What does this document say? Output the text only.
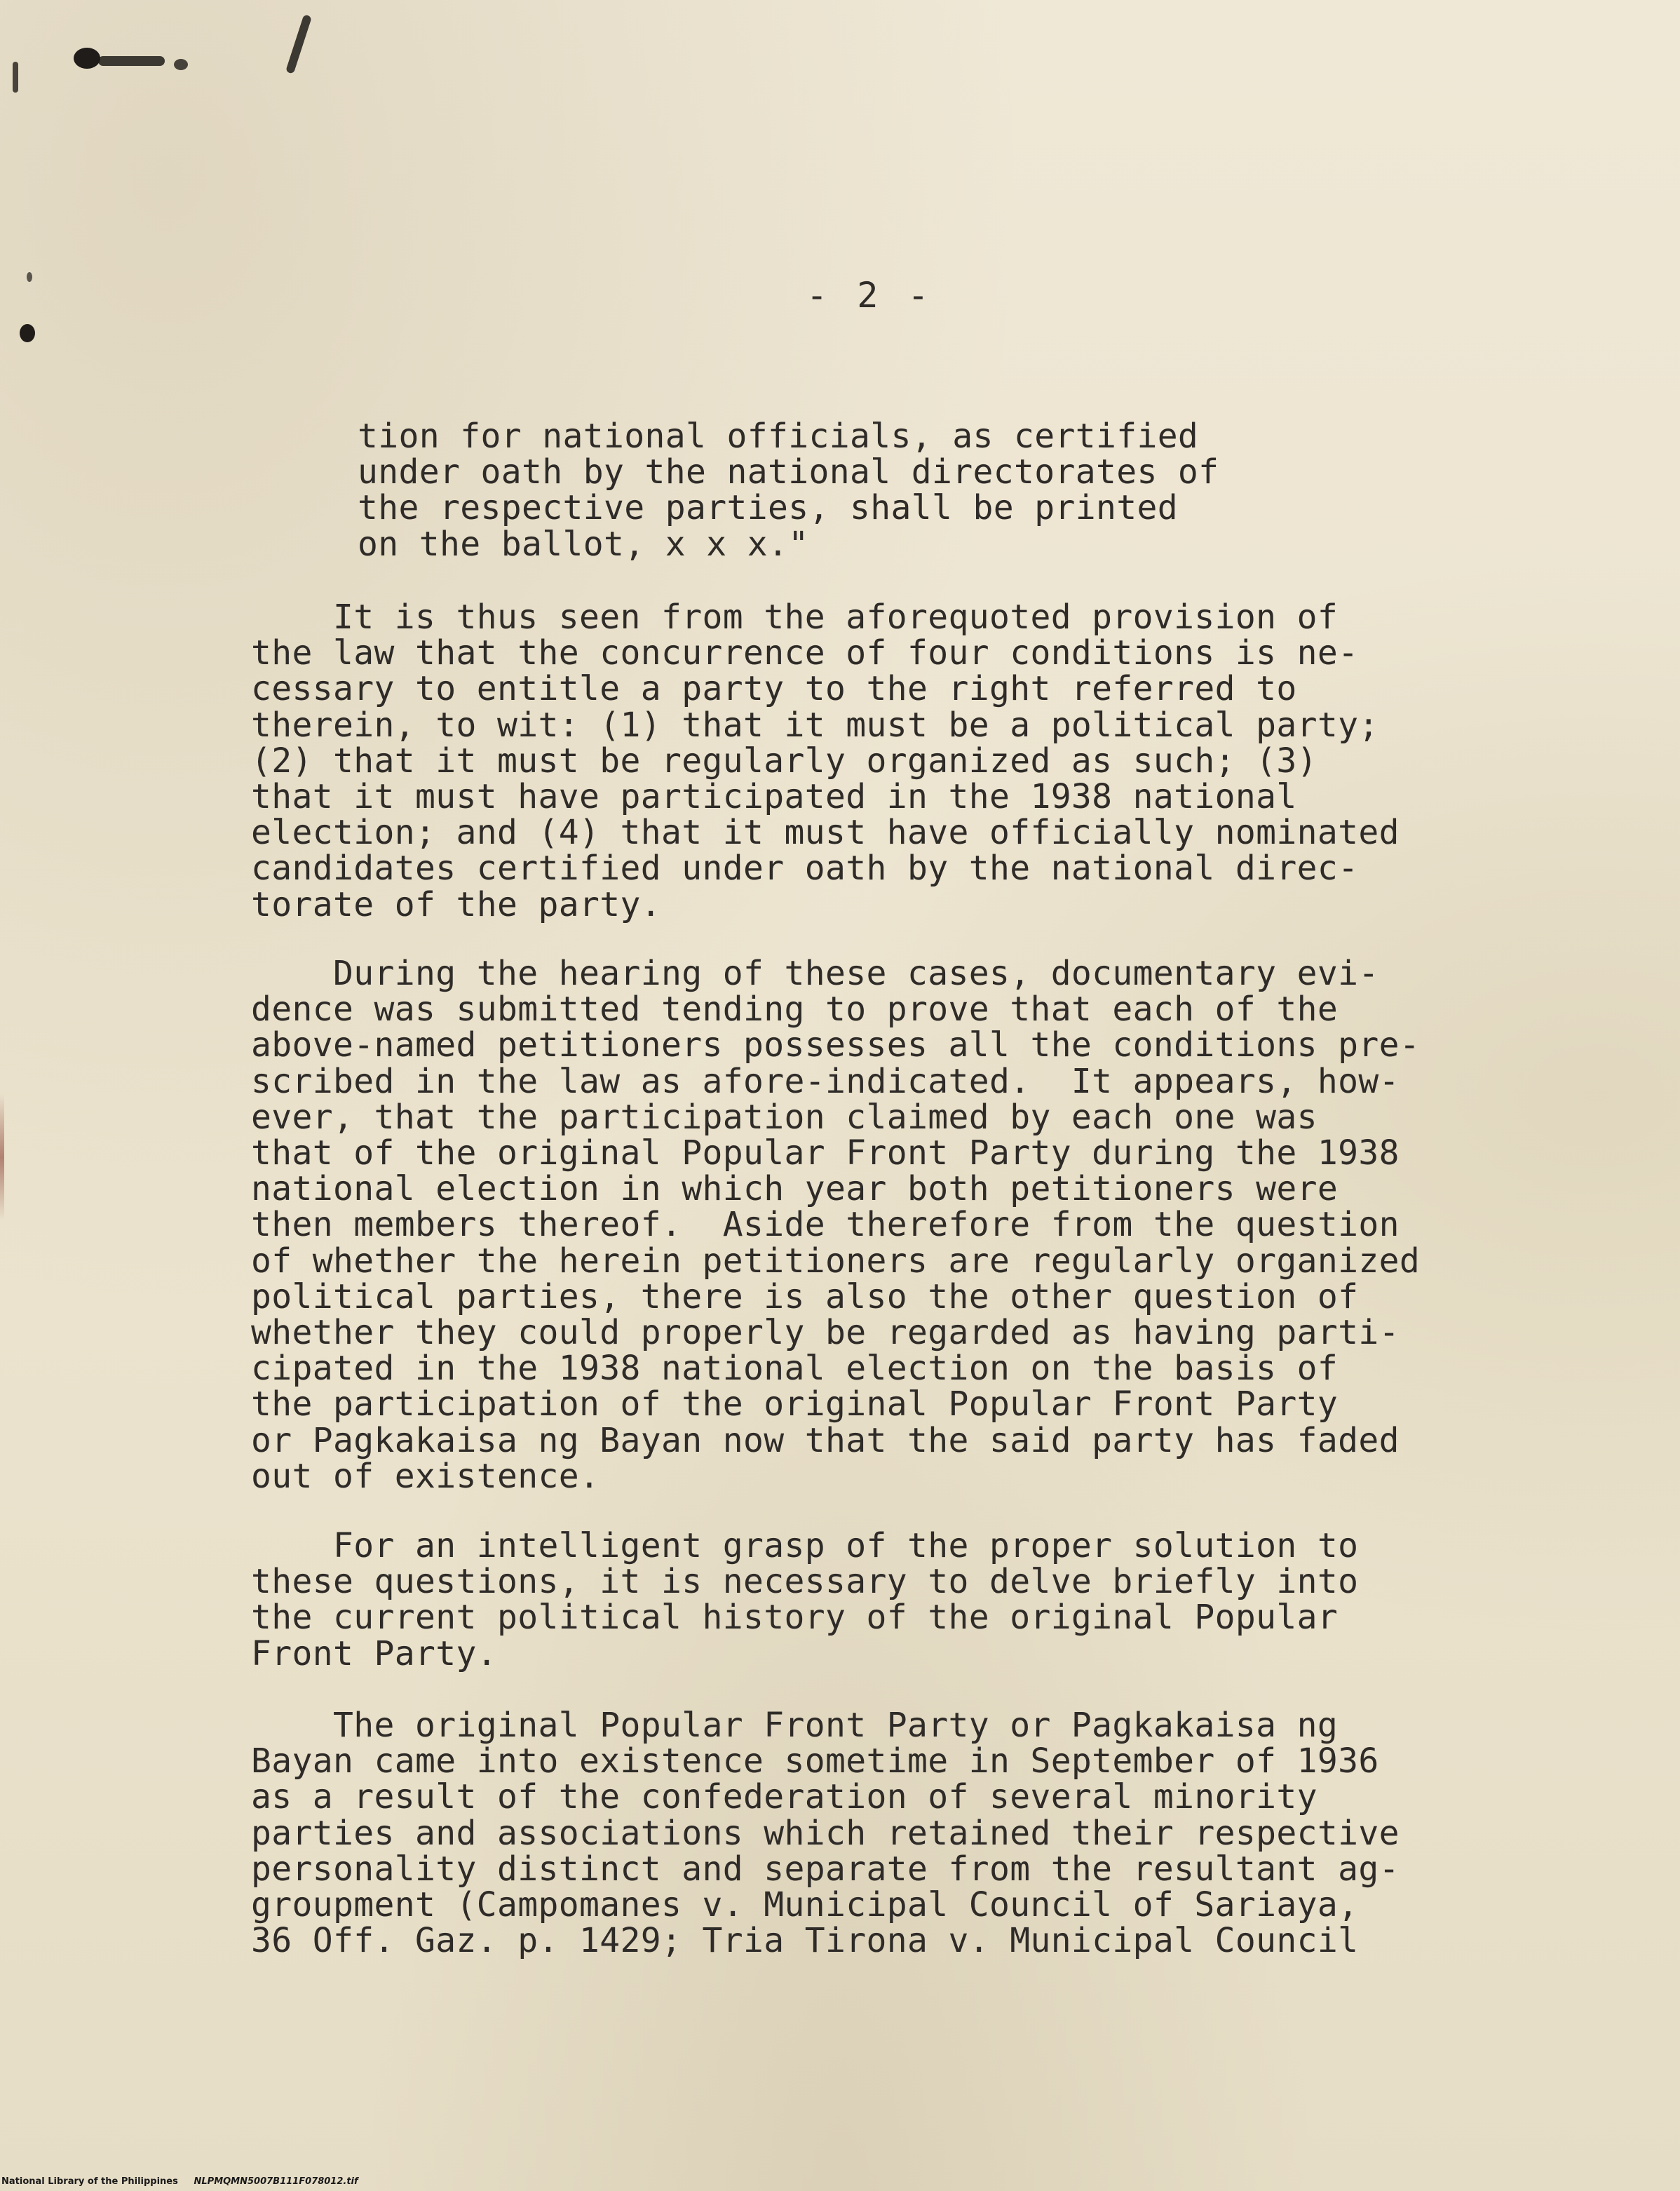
- 2 -
tion for national officials, as certified
under oath by the national directorates of
the respective parties, shall be printed
on the ballot, x x x."
It is thus seen from the aforequoted provision of
the law that the concurrence of four conditions is ne-
cessary to entitle a party to the right referred to
therein, to wit: (1) that it must be a political party;
(2) that it must be regularly organized as such; (3)
that it must have participated in the 1938 national
election; and (4) that it must have officially nominated
candidates certified under oath by the national direc-
torate of the party.
During the hearing of these cases, documentary evi-
dence was submitted tending to prove that each of the
above-named petitioners possesses all the conditions pre-
scribed in the law as afore-indicated.  It appears, how-
ever, that the participation claimed by each one was
that of the original Popular Front Party during the 1938
national election in which year both petitioners were
then members thereof.  Aside therefore from the question
of whether the herein petitioners are regularly organized
political parties, there is also the other question of
whether they could properly be regarded as having parti-
cipated in the 1938 national election on the basis of
the participation of the original Popular Front Party
or Pagkakaisa ng Bayan now that the said party has faded
out of existence.
For an intelligent grasp of the proper solution to
these questions, it is necessary to delve briefly into
the current political history of the original Popular
Front Party.
The original Popular Front Party or Pagkakaisa ng
Bayan came into existence sometime in September of 1936
as a result of the confederation of several minority
parties and associations which retained their respective
personality distinct and separate from the resultant ag-
groupment (Campomanes v. Municipal Council of Sariaya,
36 Off. Gaz. p. 1429; Tria Tirona v. Municipal Council
National Library of the Philippines NLPMQMN5007B111F078012.tif
